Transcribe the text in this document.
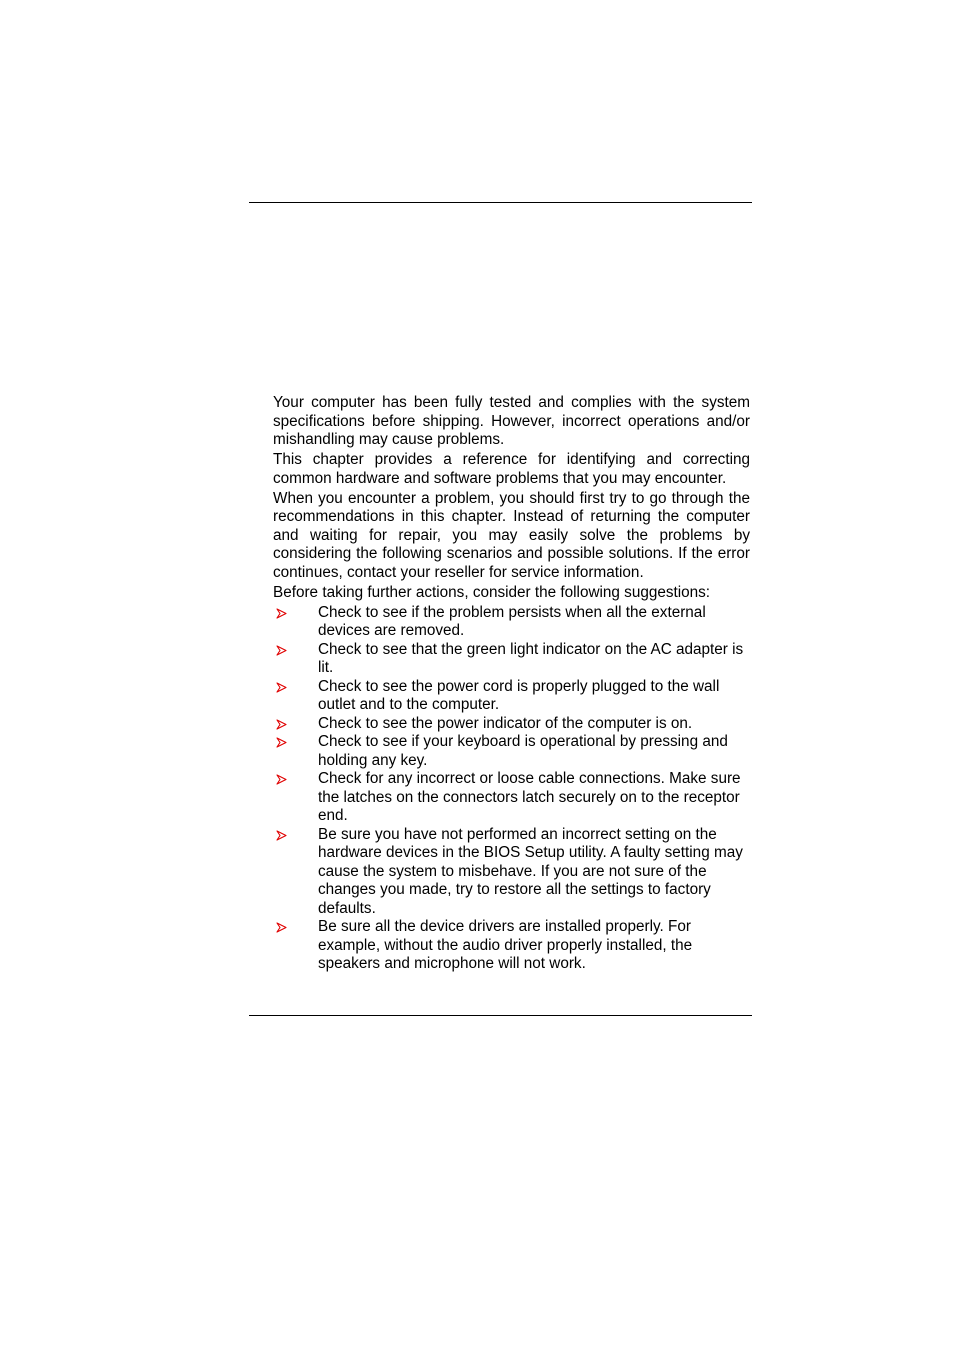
Your computer has been fully tested and complies with the system specifications before shipping. However, incorrect operations and/or mishandling may cause problems.

This chapter provides a reference for identifying and correcting common hardware and software problems that you may encounter.

When you encounter a problem, you should first try to go through the recommendations in this chapter. Instead of returning the computer and waiting for repair, you may easily solve the problems by considering the following scenarios and possible solutions. If the error continues, contact your reseller for service information.

Before taking further actions, consider the following suggestions:

Check to see if the problem persists when all the external devices are removed.
Check to see that the green light indicator on the AC adapter is lit.
Check to see the power cord is properly plugged to the wall outlet and to the computer.
Check to see the power indicator of the computer is on.
Check to see if your keyboard is operational by pressing and holding any key.
Check for any incorrect or loose cable connections. Make sure the latches on the connectors latch securely on to the receptor end.
Be sure you have not performed an incorrect setting on the hardware devices in the BIOS Setup utility. A faulty setting may cause the system to misbehave. If you are not sure of the changes you made, try to restore all the settings to factory defaults.
Be sure all the device drivers are installed properly. For example, without the audio driver properly installed, the speakers and microphone will not work.
